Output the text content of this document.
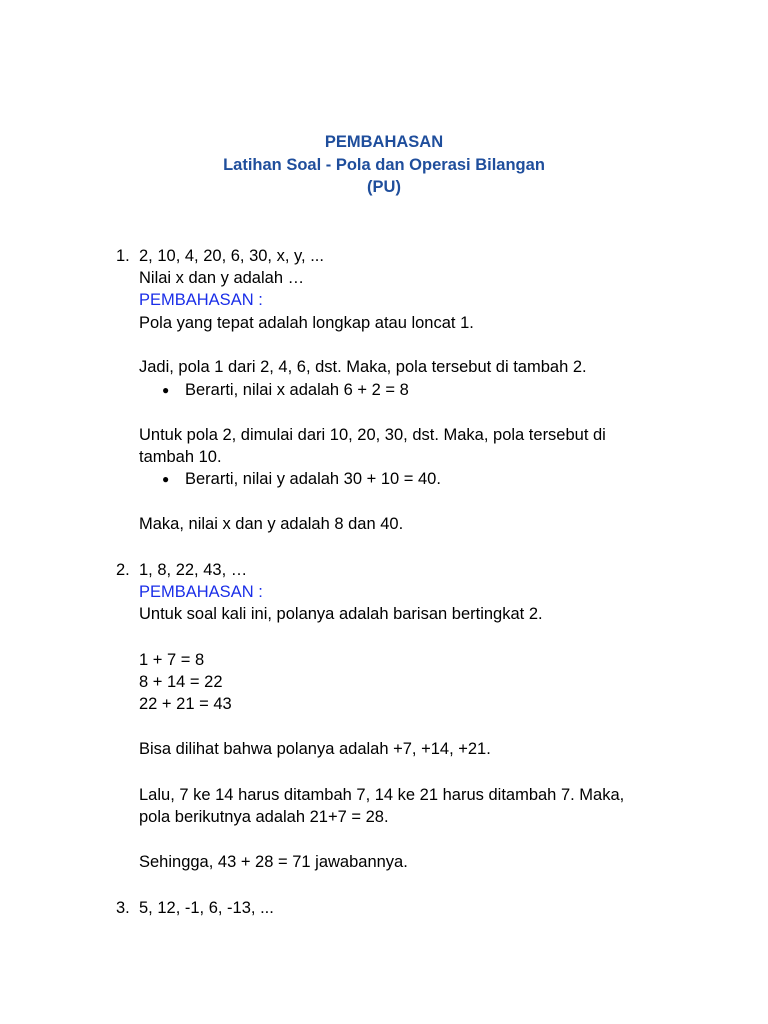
PEMBAHASAN
Latihan Soal - Pola dan Operasi Bilangan
(PU)
1. 2, 10, 4, 20, 6, 30, x, y, ...
Nilai x dan y adalah …
PEMBAHASAN :
Pola yang tepat adalah longkap atau loncat 1.
Jadi, pola 1 dari 2, 4, 6, dst. Maka, pola tersebut di tambah 2.
● Berarti, nilai x adalah 6 + 2 = 8
Untuk pola 2, dimulai dari 10, 20, 30, dst. Maka, pola tersebut di
tambah 10.
● Berarti, nilai y adalah 30 + 10 = 40.
Maka, nilai x dan y adalah 8 dan 40.
2. 1, 8, 22, 43, …
PEMBAHASAN :
Untuk soal kali ini, polanya adalah barisan bertingkat 2.
1 + 7 = 8
8 + 14 = 22
22 + 21 = 43
Bisa dilihat bahwa polanya adalah +7, +14, +21.
Lalu, 7 ke 14 harus ditambah 7, 14 ke 21 harus ditambah 7. Maka,
pola berikutnya adalah 21+7 = 28.
Sehingga, 43 + 28 = 71 jawabannya.
3. 5, 12, -1, 6, -13, ...
